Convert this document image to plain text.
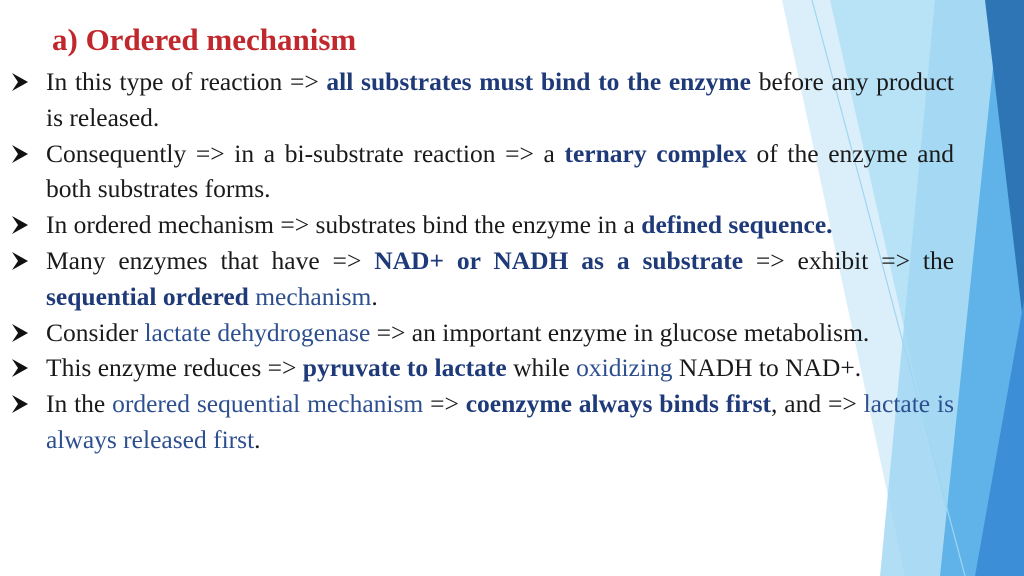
a) Ordered mechanism
In this type of reaction => all substrates must bind to the enzyme before any product is released.
Consequently => in a bi-substrate reaction => a ternary complex of the enzyme and both substrates forms.
In ordered mechanism => substrates bind the enzyme in a defined sequence.
Many enzymes that have => NAD+ or NADH as a substrate => exhibit => the sequential ordered mechanism.
Consider lactate dehydrogenase => an important enzyme in glucose metabolism.
This enzyme reduces => pyruvate to lactate while oxidizing NADH to NAD+.
In the ordered sequential mechanism => coenzyme always binds first, and => lactate is always released first.
